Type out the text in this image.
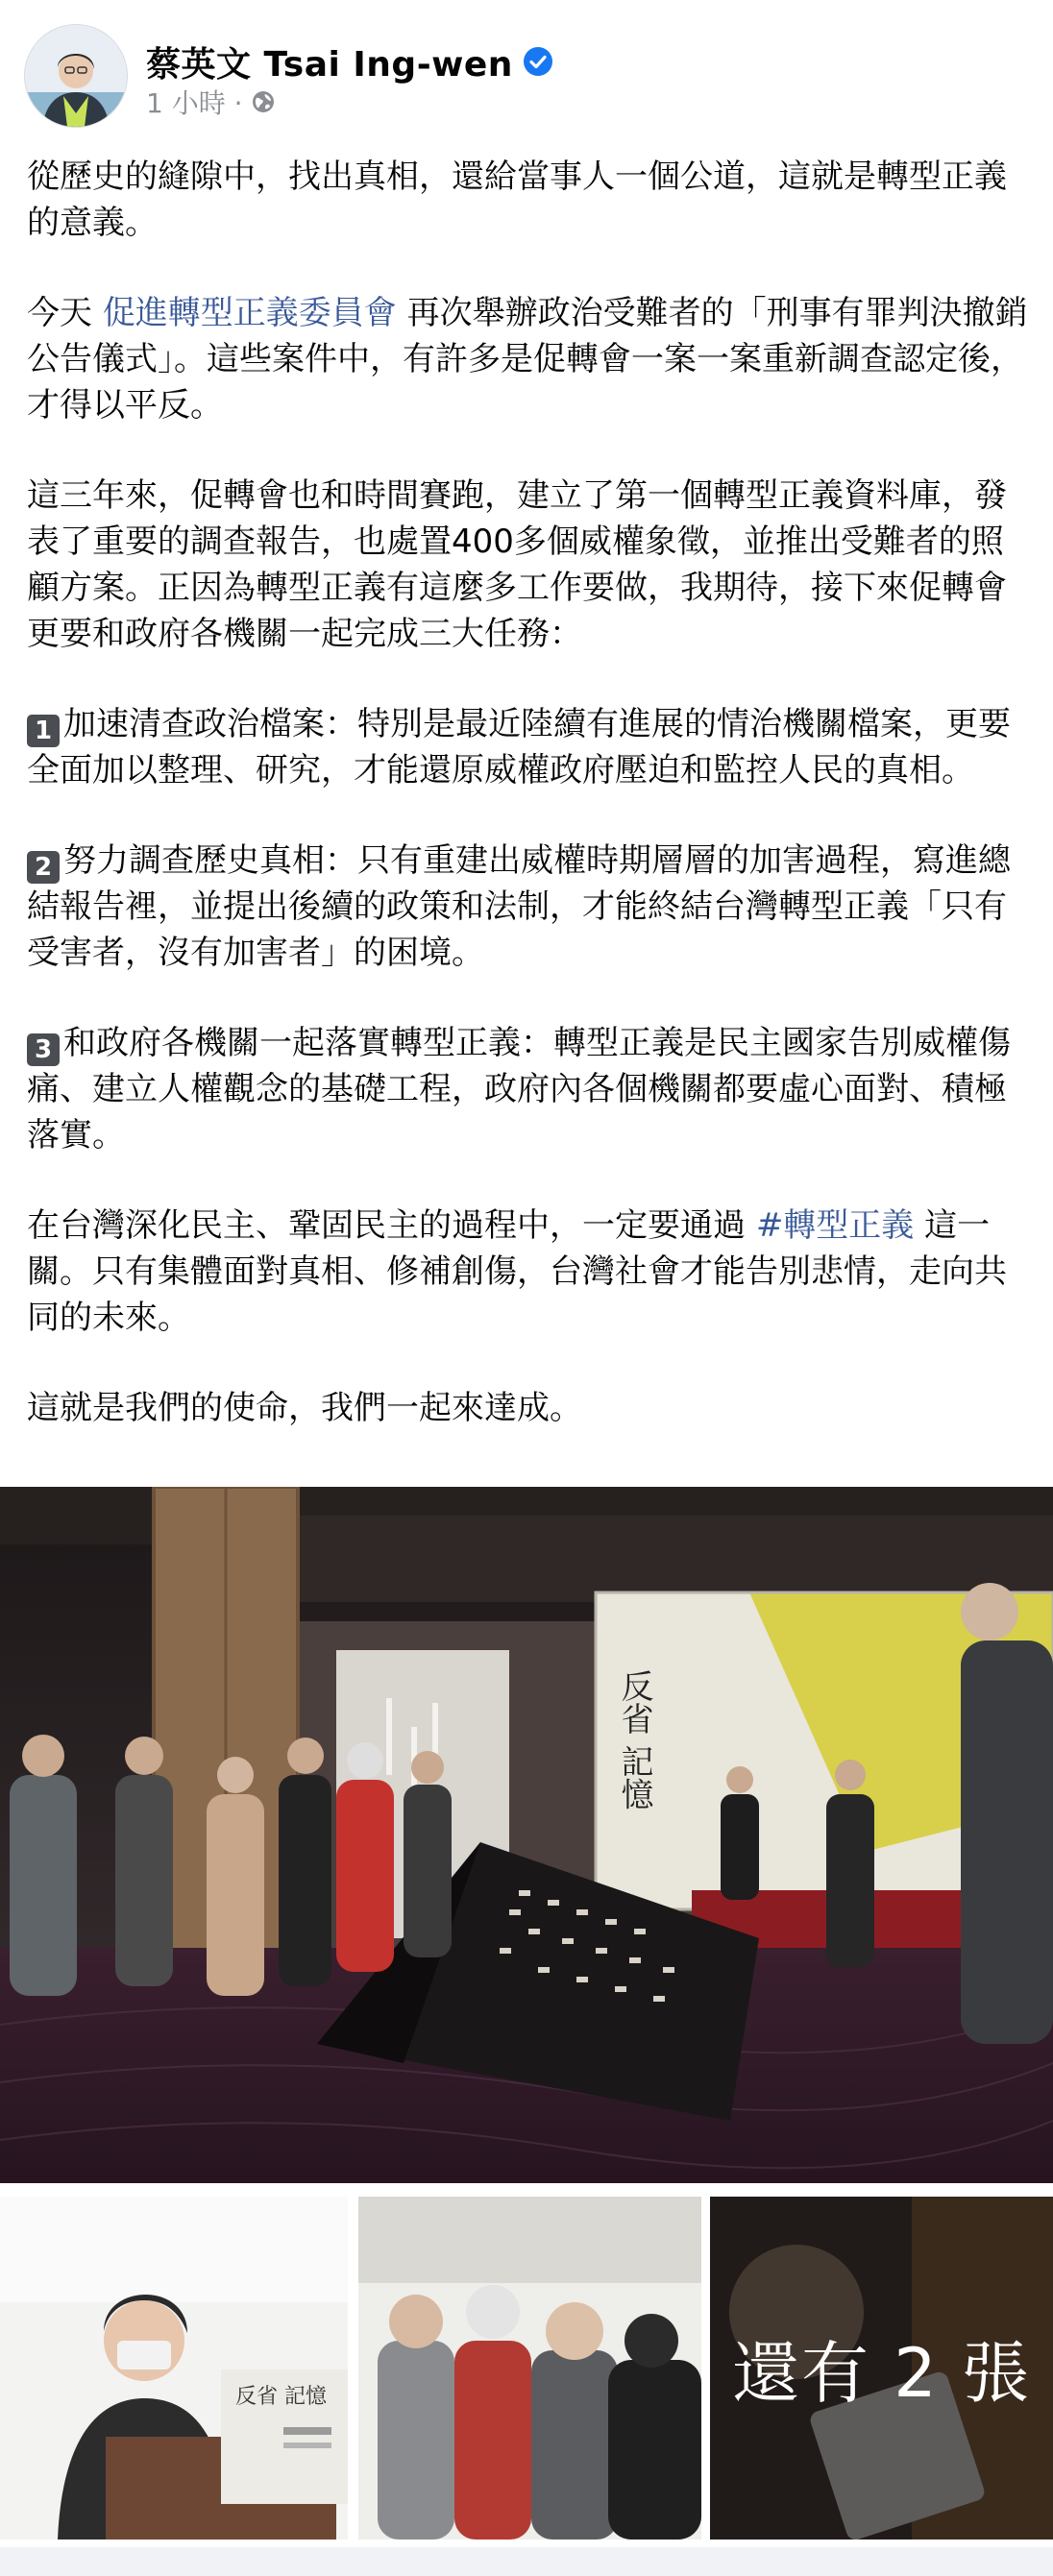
蔡英文 Tsai Ing-wen
1 小時 ·

從歷史的縫隙中，找出真相，還給當事人一個公道，這就是轉型正義的意義。

今天 促進轉型正義委員會 再次舉辦政治受難者的「刑事有罪判決撤銷公告儀式」。這些案件中，有許多是促轉會一案一案重新調查認定後，才得以平反。

這三年來，促轉會也和時間賽跑，建立了第一個轉型正義資料庫，發表了重要的調查報告，也處置400多個威權象徵，並推出受難者的照顧方案。正因為轉型正義有這麼多工作要做，我期待，接下來促轉會更要和政府各機關一起完成三大任務：

1 加速清查政治檔案：特別是最近陸續有進展的情治機關檔案，更要全面加以整理、研究，才能還原威權政府壓迫和監控人民的真相。

2 努力調查歷史真相：只有重建出威權時期層層的加害過程，寫進總結報告裡，並提出後續的政策和法制，才能終結台灣轉型正義「只有受害者，沒有加害者」的困境。

3 和政府各機關一起落實轉型正義：轉型正義是民主國家告別威權傷痛、建立人權觀念的基礎工程，政府內各個機關都要虛心面對、積極落實。

在台灣深化民主、鞏固民主的過程中，一定要通過 #轉型正義 這一關。只有集體面對真相、修補創傷，台灣社會才能告別悲情，走向共同的未來。

這就是我們的使命，我們一起來達成。

反省 記憶
反省 記憶	還有 2 張
